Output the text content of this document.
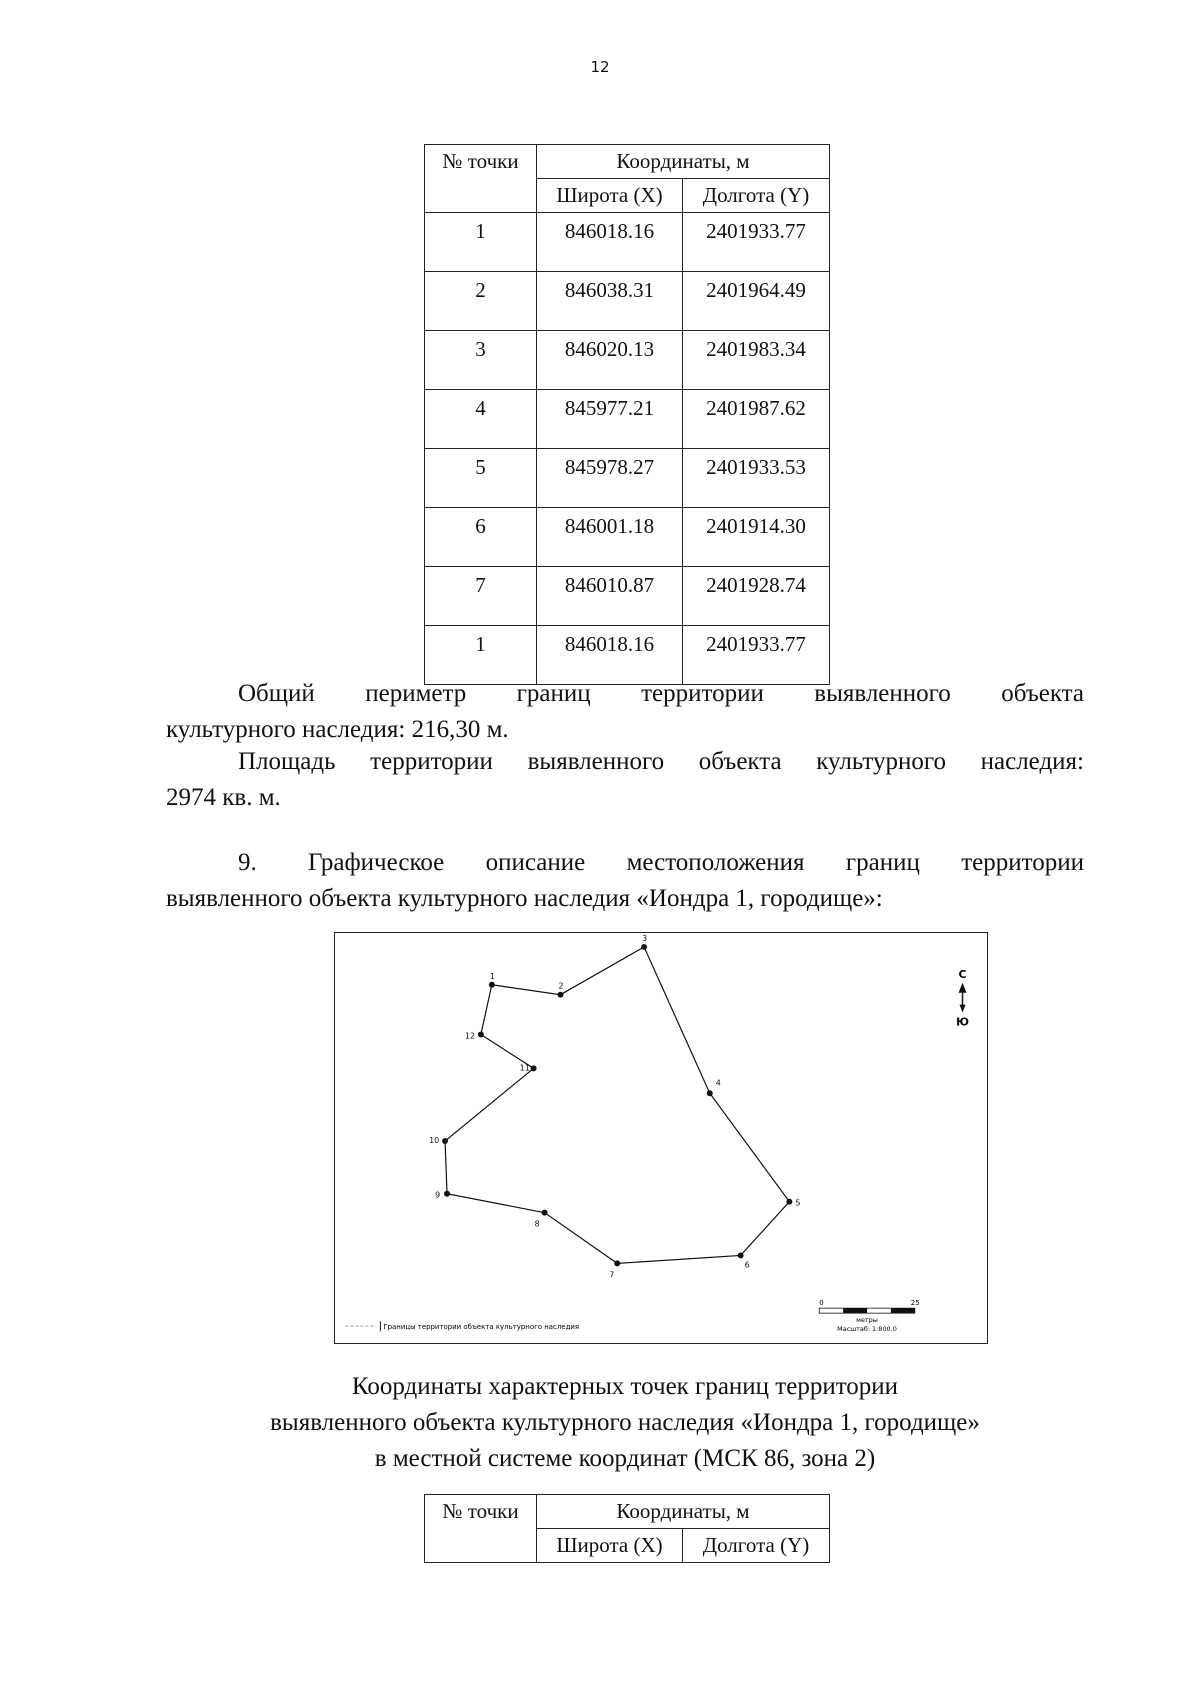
12
№ точки	Координаты, м	
	Широта (X)	Долгота (Y)
1	846018.16	2401933.77
2	846038.31	2401964.49
3	846020.13	2401983.34
4	845977.21	2401987.62
5	845978.27	2401933.53
6	846001.18	2401914.30
7	846010.87	2401928.74
1	846018.16	2401933.77
Общий периметр границ территории выявленного объекта
культурного наследия: 216,30 м.
Площадь территории выявленного объекта культурного наследия:
2974 кв. м.
9. Графическое описание местоположения границ территории
выявленного объекта культурного наследия «Иондра 1, городище»:
1
2
3
4
5
6
7
8
9
10
11
12
С
Ю
Границы территории объекта культурного наследия
0	25
метры
Масштаб: 1:800.0
Координаты характерных точек границ территории
выявленного объекта культурного наследия «Иондра 1, городище»
в местной системе координат (МСК 86, зона 2)
№ точки	Координаты, м	
	Широта (X)	Долгота (Y)
